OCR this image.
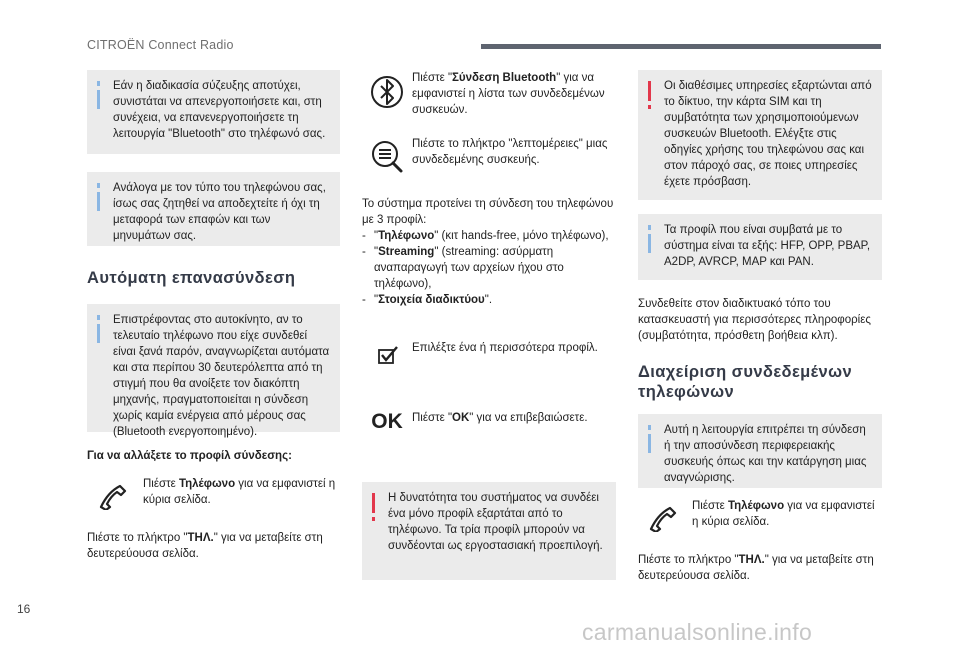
CITROËN Connect Radio
Εάν η διαδικασία σύζευξης αποτύχει, συνιστάται να απενεργοποιήσετε και, στη συνέχεια, να επανενεργοποιήσετε τη λειτουργία "Bluetooth" στο τηλέφωνό σας.
Ανάλογα με τον τύπο του τηλεφώνου σας, ίσως σας ζητηθεί να αποδεχτείτε ή όχι τη μεταφορά των επαφών και των μηνυμάτων σας.
Αυτόματη επανασύνδεση
Επιστρέφοντας στο αυτοκίνητο, αν το τελευταίο τηλέφωνο που είχε συνδεθεί είναι ξανά παρόν, αναγνωρίζεται αυτόματα και στα περίπου 30 δευτερόλεπτα από τη στιγμή που θα ανοίξετε τον διακόπτη μηχανής, πραγματοποιείται η σύνδεση χωρίς καμία ενέργεια από μέρους σας (Bluetooth ενεργοποιημένο).

Για να αλλάξετε το προφίλ σύνδεσης:

Πιέστε Τηλέφωνο για να εμφανιστεί η κύρια σελίδα.

Πιέστε το πλήκτρο "ΤΗΛ." για να μεταβείτε στη δευτερεύουσα σελίδα.

Πιέστε "Σύνδεση Bluetooth" για να εμφανιστεί η λίστα των συνδεδεμένων συσκευών.

Πιέστε το πλήκτρο "λεπτομέρειες" μιας συνδεδεμένης συσκευής.

Το σύστημα προτείνει τη σύνδεση του τηλεφώνου με 3 προφίλ:

- "Τηλέφωνο" (κιτ hands-free, μόνο τηλέφωνο),
- "Streaming" (streaming: ασύρματη αναπαραγωγή των αρχείων ήχου στο τηλέφωνο),
- "Στοιχεία διαδικτύου".

Επιλέξτε ένα ή περισσότερα προφίλ.

OK Πιέστε "OK" για να επιβεβαιώσετε.

Η δυνατότητα του συστήματος να συνδέει ένα μόνο προφίλ εξαρτάται από το τηλέφωνο. Τα τρία προφίλ μπορούν να συνδέονται ως εργοστασιακή προεπιλογή.
Οι διαθέσιμες υπηρεσίες εξαρτώνται από το δίκτυο, την κάρτα SIM και τη συμβατότητα των χρησιμοποιούμενων συσκευών Bluetooth. Ελέγξτε στις οδηγίες χρήσης του τηλεφώνου σας και στον πάροχό σας, σε ποιες υπηρεσίες έχετε πρόσβαση.
Τα προφίλ που είναι συμβατά με το σύστημα είναι τα εξής: HFP, OPP, PBAP, A2DP, AVRCP, MAP και PAN.

Συνδεθείτε στον διαδικτυακό τόπο του κατασκευαστή για περισσότερες πληροφορίες (συμβατότητα, πρόσθετη βοήθεια κλπ).

Διαχείριση συνδεδεμένων τηλεφώνων
Αυτή η λειτουργία επιτρέπει τη σύνδεση ή την αποσύνδεση περιφερειακής συσκευής όπως και την κατάργηση μιας αναγνώρισης.

Πιέστε Τηλέφωνο για να εμφανιστεί η κύρια σελίδα.

Πιέστε το πλήκτρο "ΤΗΛ." για να μεταβείτε στη δευτερεύουσα σελίδα.

16
carmanualsonline.info
